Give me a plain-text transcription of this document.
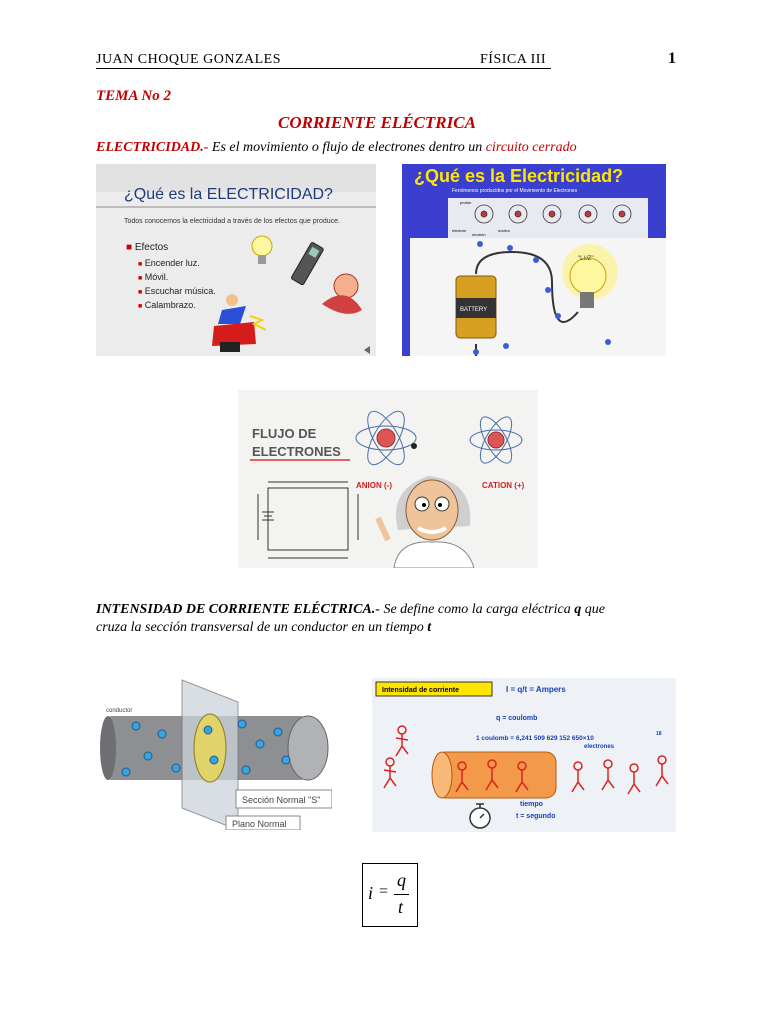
JUAN CHOQUE GONZALES	FÍSICA III	1
TEMA No 2
CORRIENTE ELÉCTRICA
ELECTRICIDAD.- Es el movimiento o flujo de electrones dentro un circuito cerrado
¿Qué es la ELECTRICIDAD?
Todos conocemos la electricidad a través de los efectos que produce.
■ Efectos
■ Encender luz.
■ Móvil.
■ Escuchar música.
■ Calambrazo.
¿Qué es la Electricidad?
Fenómenos producidos por el Movimiento de Electrones
protón
electrón
neutrón
núcleo
BATTERY
"LUZ"
FLUJO DE
ELECTRONES
ANION (-)	CATION (+)
INTENSIDAD DE CORRIENTE ELÉCTRICA.- Se define como la carga eléctrica q que
cruza la sección transversal de un conductor en un tiempo t
conductor
Sección Normal "S"
Plano Normal
Intensidad de corriente	I = q/t = Ampers
q = coulomb
1 coulomb = 6,241 509 629 152 650×10
18
electrones
tiempo
t = segundo
i =
q
t
